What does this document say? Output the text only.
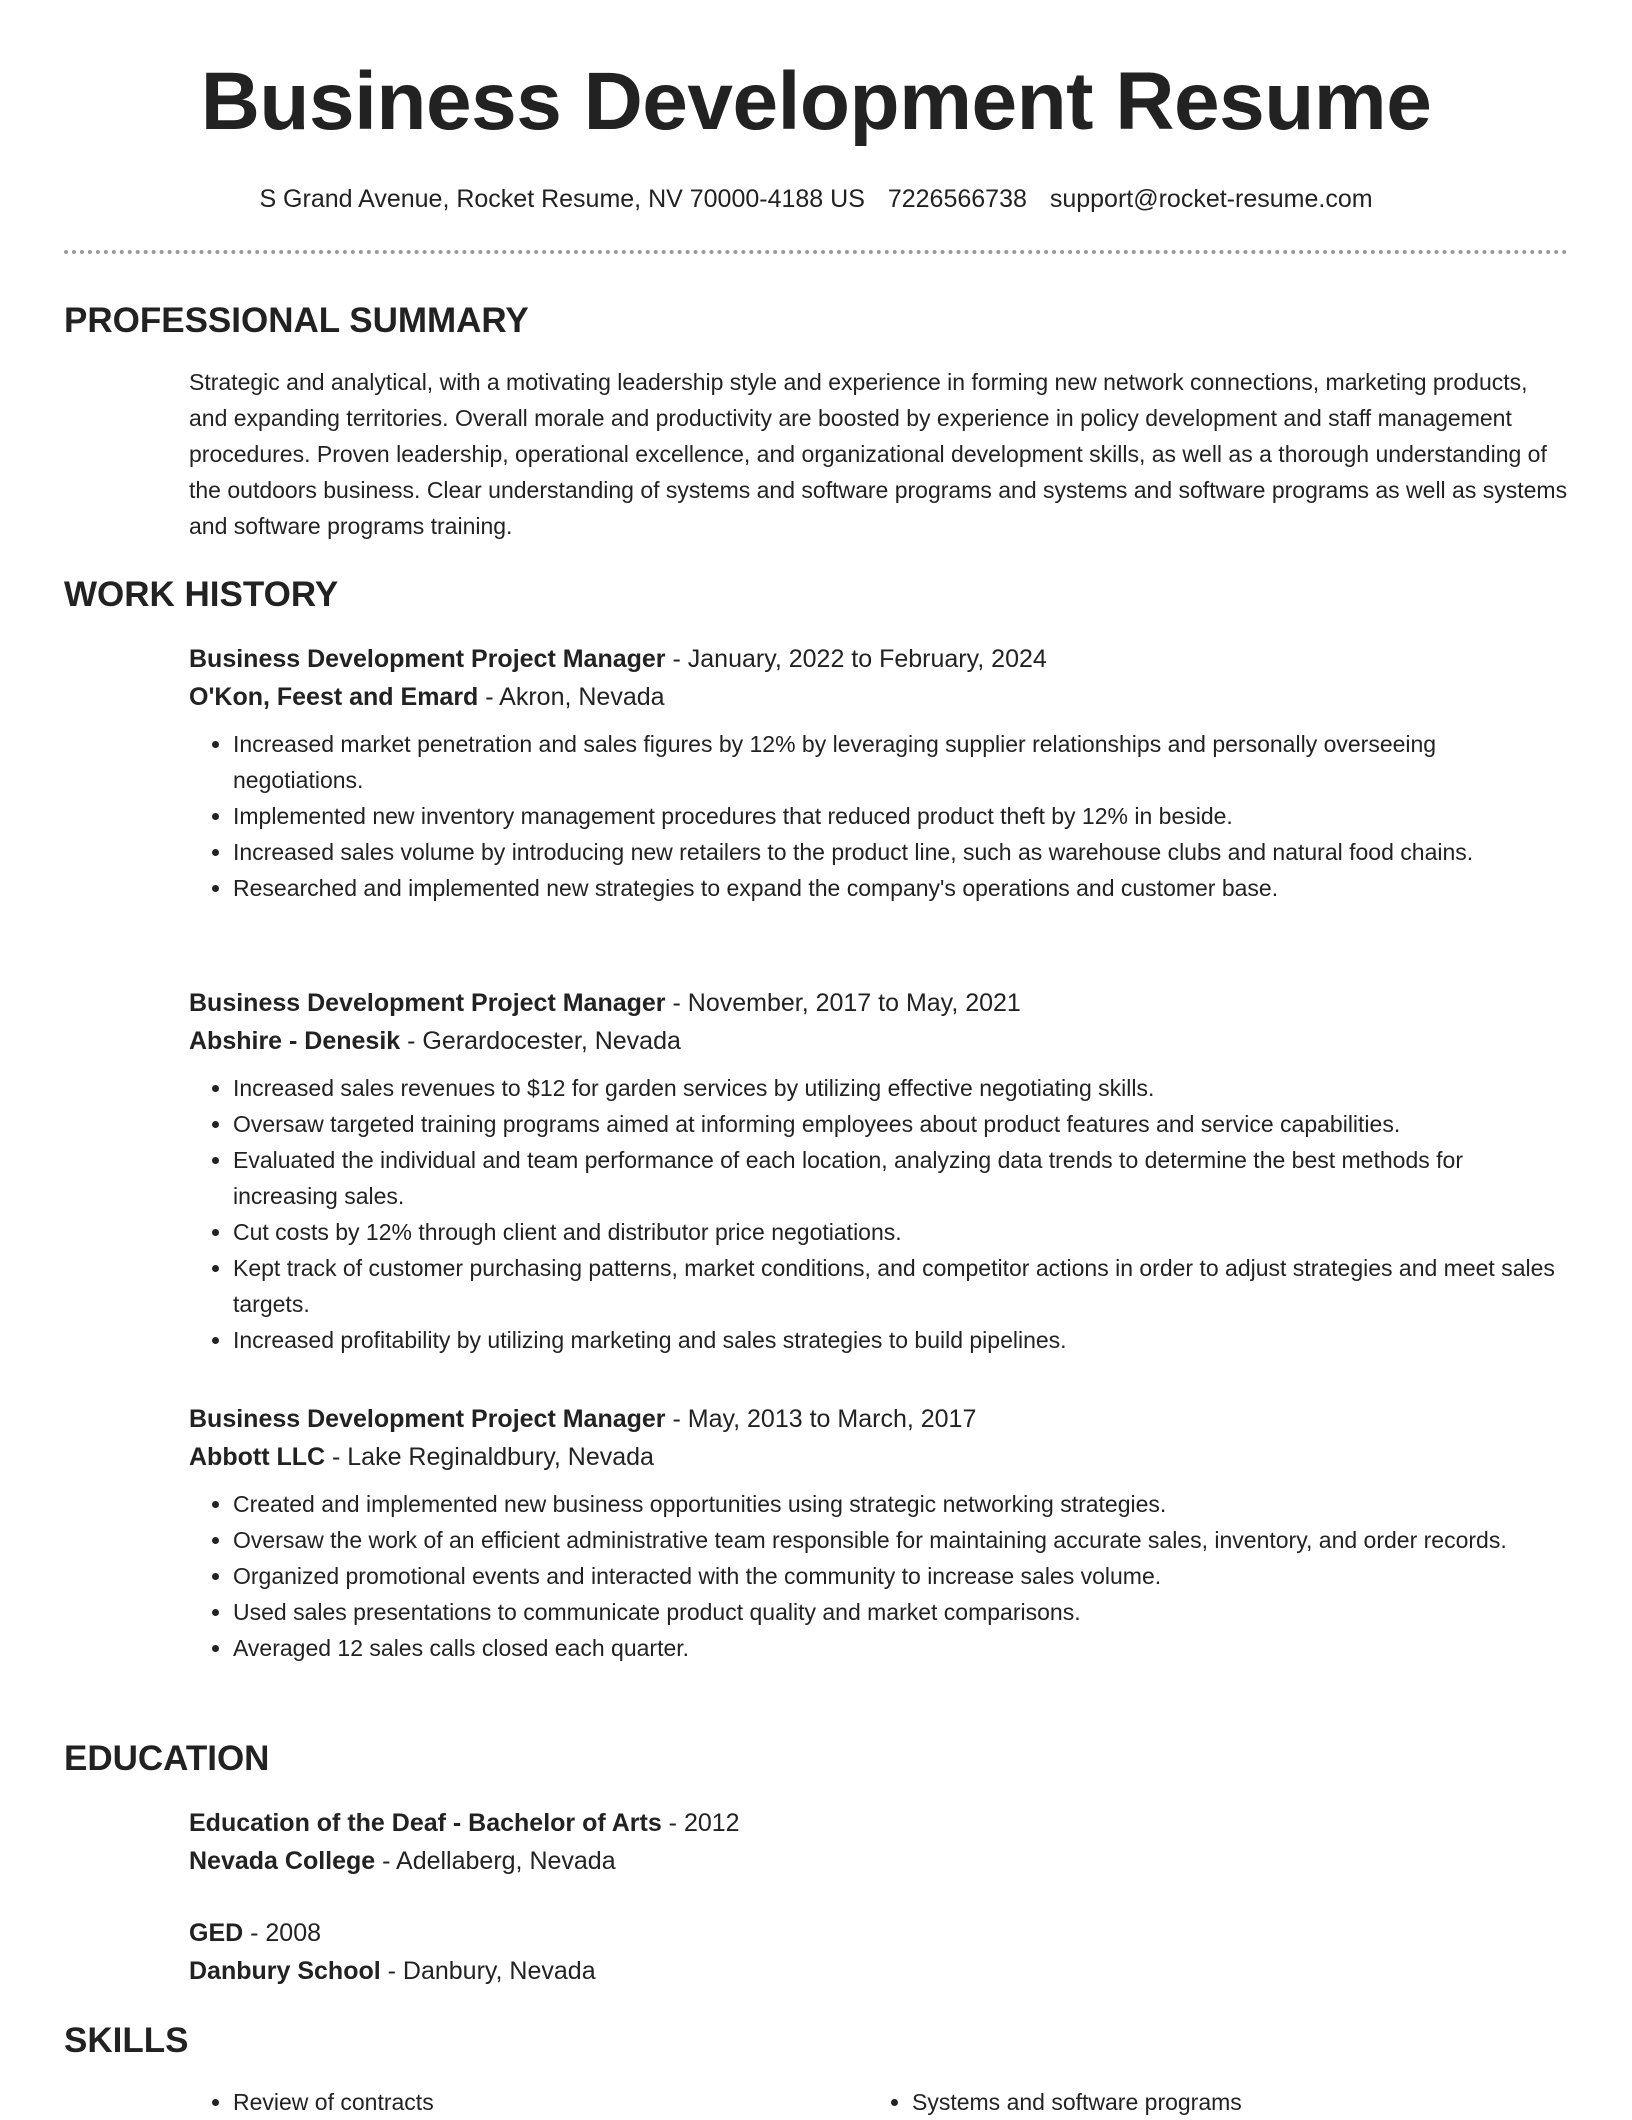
Business Development Resume
S Grand Avenue, Rocket Resume, NV 70000-4188 US 7226566738 support@rocket-resume.com
PROFESSIONAL SUMMARY

Strategic and analytical, with a motivating leadership style and experience in forming new network connections, marketing products, and expanding territories. Overall morale and productivity are boosted by experience in policy development and staff management procedures. Proven leadership, operational excellence, and organizational development skills, as well as a thorough understanding of the outdoors business. Clear understanding of systems and software programs and systems and software programs as well as systems and software programs training.

WORK HISTORY

Business Development Project Manager - January, 2022 to February, 2024

O'Kon, Feest and Emard - Akron, Nevada

• Increased market penetration and sales figures by 12% by leveraging supplier relationships and personally overseeing negotiations.
• Implemented new inventory management procedures that reduced product theft by 12% in beside.
• Increased sales volume by introducing new retailers to the product line, such as warehouse clubs and natural food chains.
• Researched and implemented new strategies to expand the company's operations and customer base.

Business Development Project Manager - November, 2017 to May, 2021

Abshire - Denesik - Gerardocester, Nevada

• Increased sales revenues to $12 for garden services by utilizing effective negotiating skills.
• Oversaw targeted training programs aimed at informing employees about product features and service capabilities.
• Evaluated the individual and team performance of each location, analyzing data trends to determine the best methods for increasing sales.
• Cut costs by 12% through client and distributor price negotiations.
• Kept track of customer purchasing patterns, market conditions, and competitor actions in order to adjust strategies and meet sales targets.
• Increased profitability by utilizing marketing and sales strategies to build pipelines.

Business Development Project Manager - May, 2013 to March, 2017

Abbott LLC - Lake Reginaldbury, Nevada

• Created and implemented new business opportunities using strategic networking strategies.
• Oversaw the work of an efficient administrative team responsible for maintaining accurate sales, inventory, and order records.
• Organized promotional events and interacted with the community to increase sales volume.
• Used sales presentations to communicate product quality and market comparisons.
• Averaged 12 sales calls closed each quarter.
EDUCATION

Education of the Deaf - Bachelor of Arts - 2012

Nevada College - Adellaberg, Nevada

GED - 2008

Danbury School - Danbury, Nevada

SKILLS
• Review of contracts
•	Systems and software programs
